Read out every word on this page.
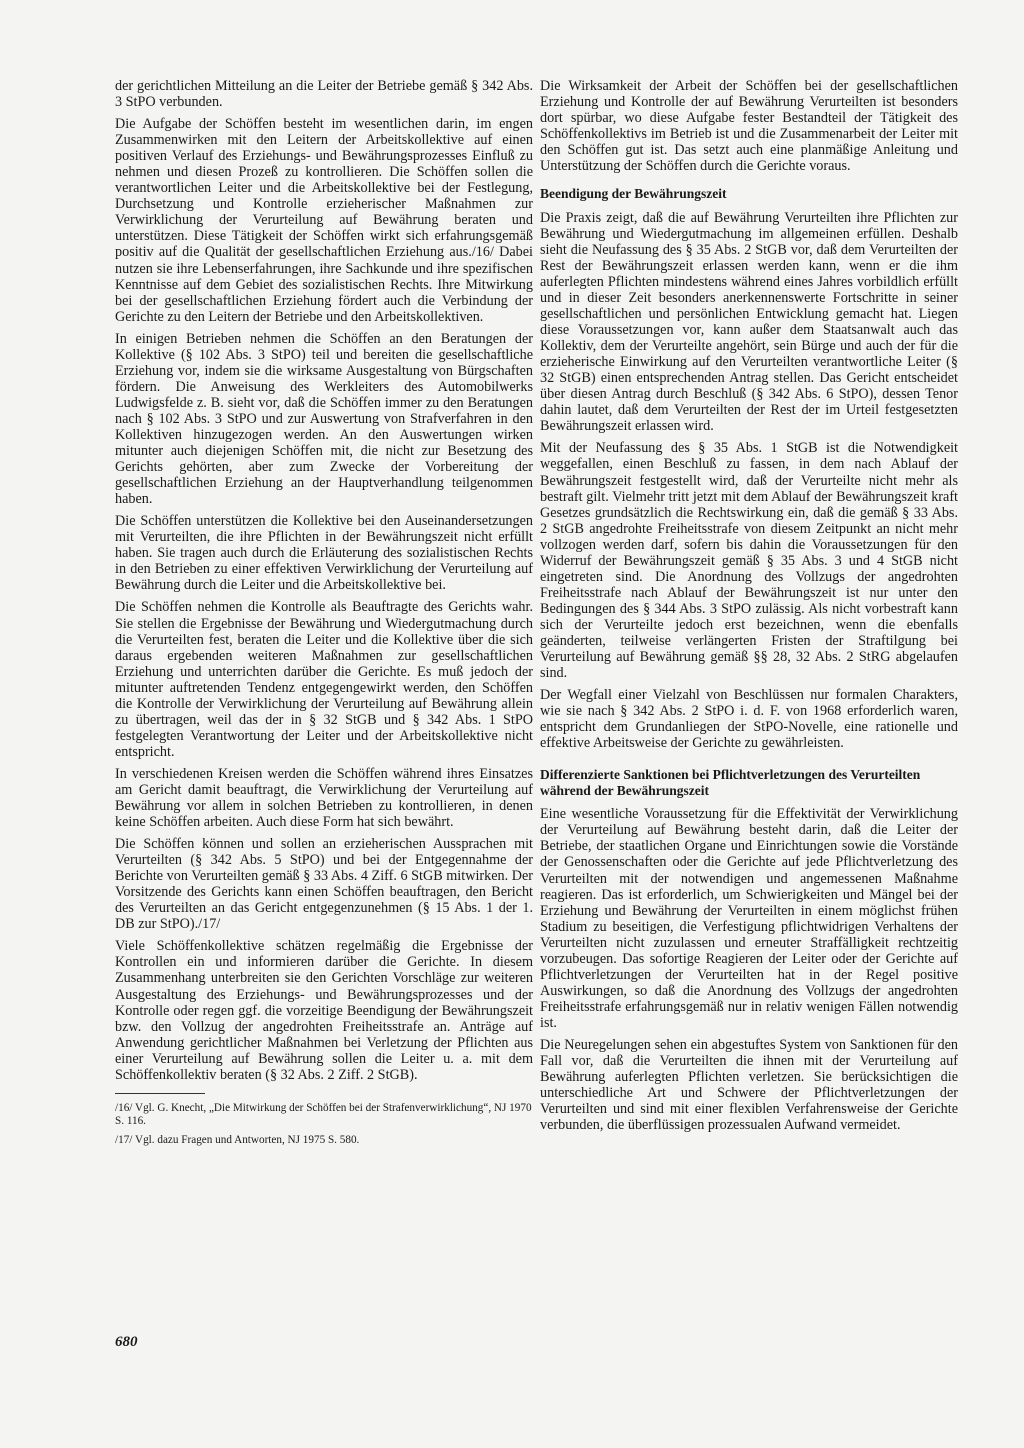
der gerichtlichen Mitteilung an die Leiter der Betriebe gemäß § 342 Abs. 3 StPO verbunden.

Die Aufgabe der Schöffen besteht im wesentlichen darin, im engen Zusammenwirken mit den Leitern der Arbeitskollektive auf einen positiven Verlauf des Erziehungs- und Bewährungsprozesses Einfluß zu nehmen und diesen Prozeß zu kontrollieren. Die Schöffen sollen die verantwortlichen Leiter und die Arbeitskollektive bei der Festlegung, Durchsetzung und Kontrolle erzieherischer Maßnahmen zur Verwirklichung der Verurteilung auf Bewährung beraten und unterstützen. Diese Tätigkeit der Schöffen wirkt sich erfahrungsgemäß positiv auf die Qualität der gesellschaftlichen Erziehung aus./16/ Dabei nutzen sie ihre Lebenserfahrungen, ihre Sachkunde und ihre spezifischen Kenntnisse auf dem Gebiet des sozialistischen Rechts. Ihre Mitwirkung bei der gesellschaftlichen Erziehung fördert auch die Verbindung der Gerichte zu den Leitern der Betriebe und den Arbeitskollektiven.

In einigen Betrieben nehmen die Schöffen an den Beratungen der Kollektive (§ 102 Abs. 3 StPO) teil und bereiten die gesellschaftliche Erziehung vor, indem sie die wirksame Ausgestaltung von Bürgschaften fördern. Die Anweisung des Werkleiters des Automobilwerks Ludwigsfelde z. B. sieht vor, daß die Schöffen immer zu den Beratungen nach § 102 Abs. 3 StPO und zur Auswertung von Strafverfahren in den Kollektiven hinzugezogen werden. An den Auswertungen wirken mitunter auch diejenigen Schöffen mit, die nicht zur Besetzung des Gerichts gehörten, aber zum Zwecke der Vorbereitung der gesellschaftlichen Erziehung an der Hauptverhandlung teilgenommen haben.

Die Schöffen unterstützen die Kollektive bei den Auseinandersetzungen mit Verurteilten, die ihre Pflichten in der Bewährungszeit nicht erfüllt haben. Sie tragen auch durch die Erläuterung des sozialistischen Rechts in den Betrieben zu einer effektiven Verwirklichung der Verurteilung auf Bewährung durch die Leiter und die Arbeitskollektive bei.

Die Schöffen nehmen die Kontrolle als Beauftragte des Gerichts wahr. Sie stellen die Ergebnisse der Bewährung und Wiedergutmachung durch die Verurteilten fest, beraten die Leiter und die Kollektive über die sich daraus ergebenden weiteren Maßnahmen zur gesellschaftlichen Erziehung und unterrichten darüber die Gerichte. Es muß jedoch der mitunter auftretenden Tendenz entgegengewirkt werden, den Schöffen die Kontrolle der Verwirklichung der Verurteilung auf Bewährung allein zu übertragen, weil das der in § 32 StGB und § 342 Abs. 1 StPO festgelegten Verantwortung der Leiter und der Arbeitskollektive nicht entspricht.

In verschiedenen Kreisen werden die Schöffen während ihres Einsatzes am Gericht damit beauftragt, die Verwirklichung der Verurteilung auf Bewährung vor allem in solchen Betrieben zu kontrollieren, in denen keine Schöffen arbeiten. Auch diese Form hat sich bewährt.

Die Schöffen können und sollen an erzieherischen Aussprachen mit Verurteilten (§ 342 Abs. 5 StPO) und bei der Entgegennahme der Berichte von Verurteilten gemäß § 33 Abs. 4 Ziff. 6 StGB mitwirken. Der Vorsitzende des Gerichts kann einen Schöffen beauftragen, den Bericht des Verurteilten an das Gericht entgegenzunehmen (§ 15 Abs. 1 der 1. DB zur StPO)./17/

Viele Schöffenkollektive schätzen regelmäßig die Ergebnisse der Kontrollen ein und informieren darüber die Gerichte. In diesem Zusammenhang unterbreiten sie den Gerichten Vorschläge zur weiteren Ausgestaltung des Erziehungs- und Bewährungsprozesses und der Kontrolle oder regen ggf. die vorzeitige Beendigung der Bewährungszeit bzw. den Vollzug der angedrohten Freiheitsstrafe an. Anträge auf Anwendung gerichtlicher Maßnahmen bei Verletzung der Pflichten aus einer Verurteilung auf Bewährung sollen die Leiter u. a. mit dem Schöffenkollektiv beraten (§ 32 Abs. 2 Ziff. 2 StGB).

/16/ Vgl. G. Knecht, „Die Mitwirkung der Schöffen bei der Strafenverwirklichung“, NJ 1970 S. 116.

/17/ Vgl. dazu Fragen und Antworten, NJ 1975 S. 580.

Die Wirksamkeit der Arbeit der Schöffen bei der gesellschaftlichen Erziehung und Kontrolle der auf Bewährung Verurteilten ist besonders dort spürbar, wo diese Aufgabe fester Bestandteil der Tätigkeit des Schöffenkollektivs im Betrieb ist und die Zusammenarbeit der Leiter mit den Schöffen gut ist. Das setzt auch eine planmäßige Anleitung und Unterstützung der Schöffen durch die Gerichte voraus.

Beendigung der Bewährungszeit

Die Praxis zeigt, daß die auf Bewährung Verurteilten ihre Pflichten zur Bewährung und Wiedergutmachung im allgemeinen erfüllen. Deshalb sieht die Neufassung des § 35 Abs. 2 StGB vor, daß dem Verurteilten der Rest der Bewährungszeit erlassen werden kann, wenn er die ihm auferlegten Pflichten mindestens während eines Jahres vorbildlich erfüllt und in dieser Zeit besonders anerkennenswerte Fortschritte in seiner gesellschaftlichen und persönlichen Entwicklung gemacht hat. Liegen diese Voraussetzungen vor, kann außer dem Staatsanwalt auch das Kollektiv, dem der Verurteilte angehört, sein Bürge und auch der für die erzieherische Einwirkung auf den Verurteilten verantwortliche Leiter (§ 32 StGB) einen entsprechenden Antrag stellen. Das Gericht entscheidet über diesen Antrag durch Beschluß (§ 342 Abs. 6 StPO), dessen Tenor dahin lautet, daß dem Verurteilten der Rest der im Urteil festgesetzten Bewährungszeit erlassen wird.

Mit der Neufassung des § 35 Abs. 1 StGB ist die Notwendigkeit weggefallen, einen Beschluß zu fassen, in dem nach Ablauf der Bewährungszeit festgestellt wird, daß der Verurteilte nicht mehr als bestraft gilt. Vielmehr tritt jetzt mit dem Ablauf der Bewährungszeit kraft Gesetzes grundsätzlich die Rechtswirkung ein, daß die gemäß § 33 Abs. 2 StGB angedrohte Freiheitsstrafe von diesem Zeitpunkt an nicht mehr vollzogen werden darf, sofern bis dahin die Voraussetzungen für den Widerruf der Bewährungszeit gemäß § 35 Abs. 3 und 4 StGB nicht eingetreten sind. Die Anordnung des Vollzugs der angedrohten Freiheitsstrafe nach Ablauf der Bewährungszeit ist nur unter den Bedingungen des § 344 Abs. 3 StPO zulässig. Als nicht vorbestraft kann sich der Verurteilte jedoch erst bezeichnen, wenn die ebenfalls geänderten, teilweise verlängerten Fristen der Straftilgung bei Verurteilung auf Bewährung gemäß §§ 28, 32 Abs. 2 StRG abgelaufen sind.

Der Wegfall einer Vielzahl von Beschlüssen nur formalen Charakters, wie sie nach § 342 Abs. 2 StPO i. d. F. von 1968 erforderlich waren, entspricht dem Grundanliegen der StPO-Novelle, eine rationelle und effektive Arbeitsweise der Gerichte zu gewährleisten.

Differenzierte Sanktionen bei Pflichtverletzungen des Verurteilten während der Bewährungszeit

Eine wesentliche Voraussetzung für die Effektivität der Verwirklichung der Verurteilung auf Bewährung besteht darin, daß die Leiter der Betriebe, der staatlichen Organe und Einrichtungen sowie die Vorstände der Genossenschaften oder die Gerichte auf jede Pflichtverletzung des Verurteilten mit der notwendigen und angemessenen Maßnahme reagieren. Das ist erforderlich, um Schwierigkeiten und Mängel bei der Erziehung und Bewährung der Verurteilten in einem möglichst frühen Stadium zu beseitigen, die Verfestigung pflichtwidrigen Verhaltens der Verurteilten nicht zuzulassen und erneuter Straffälligkeit rechtzeitig vorzubeugen. Das sofortige Reagieren der Leiter oder der Gerichte auf Pflichtverletzungen der Verurteilten hat in der Regel positive Auswirkungen, so daß die Anordnung des Vollzugs der angedrohten Freiheitsstrafe erfahrungsgemäß nur in relativ wenigen Fällen notwendig ist.

Die Neuregelungen sehen ein abgestuftes System von Sanktionen für den Fall vor, daß die Verurteilten die ihnen mit der Verurteilung auf Bewährung auferlegten Pflichten verletzen. Sie berücksichtigen die unterschiedliche Art und Schwere der Pflichtverletzungen der Verurteilten und sind mit einer flexiblen Verfahrensweise der Gerichte verbunden, die überflüssigen prozessualen Aufwand vermeidet.

680
